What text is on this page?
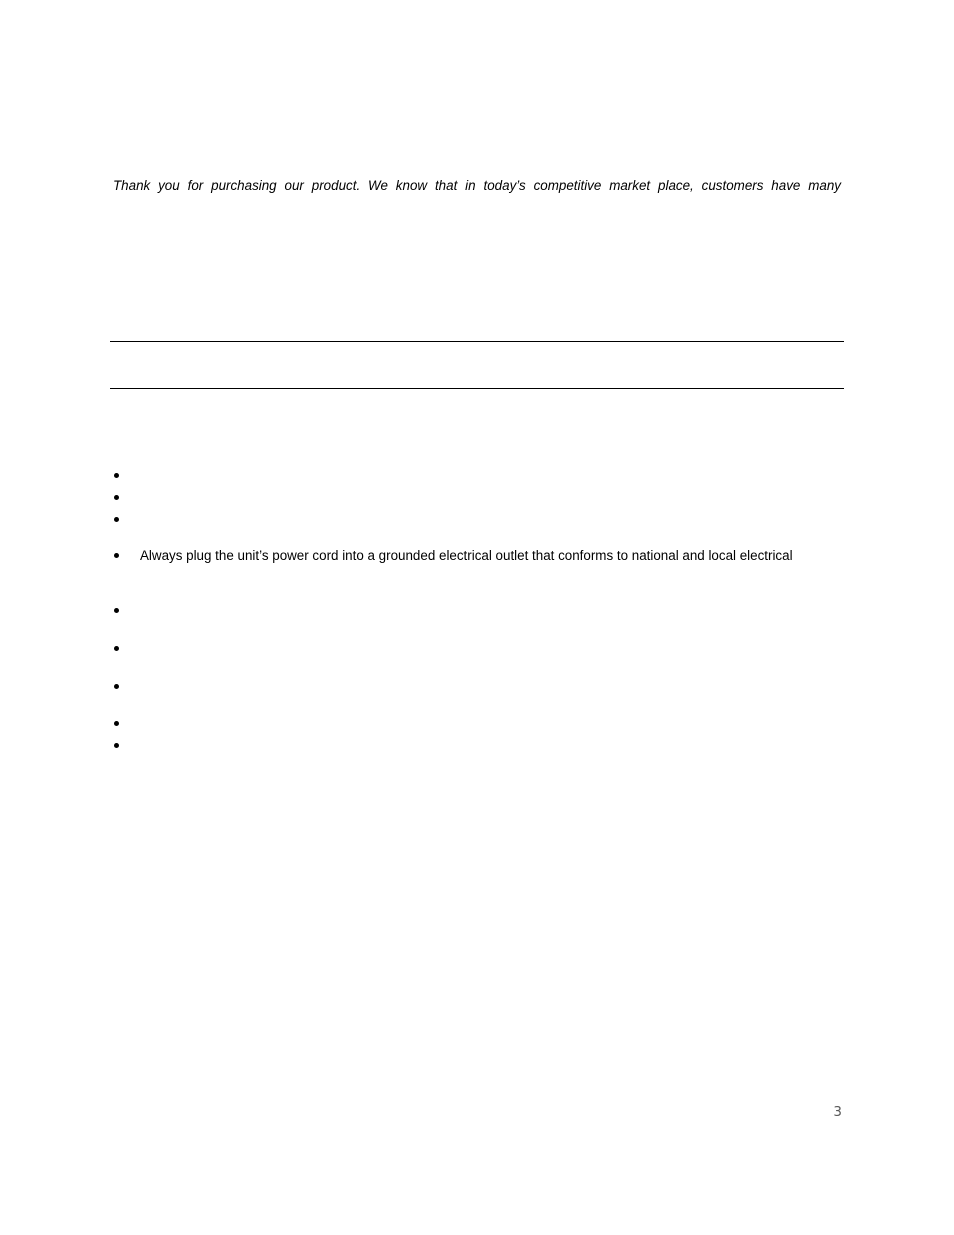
Thank you for purchasing our product. We know that in today’s competitive market place, customers have many

Always plug the unit’s power cord into a grounded electrical outlet that conforms to national and local electrical
3
